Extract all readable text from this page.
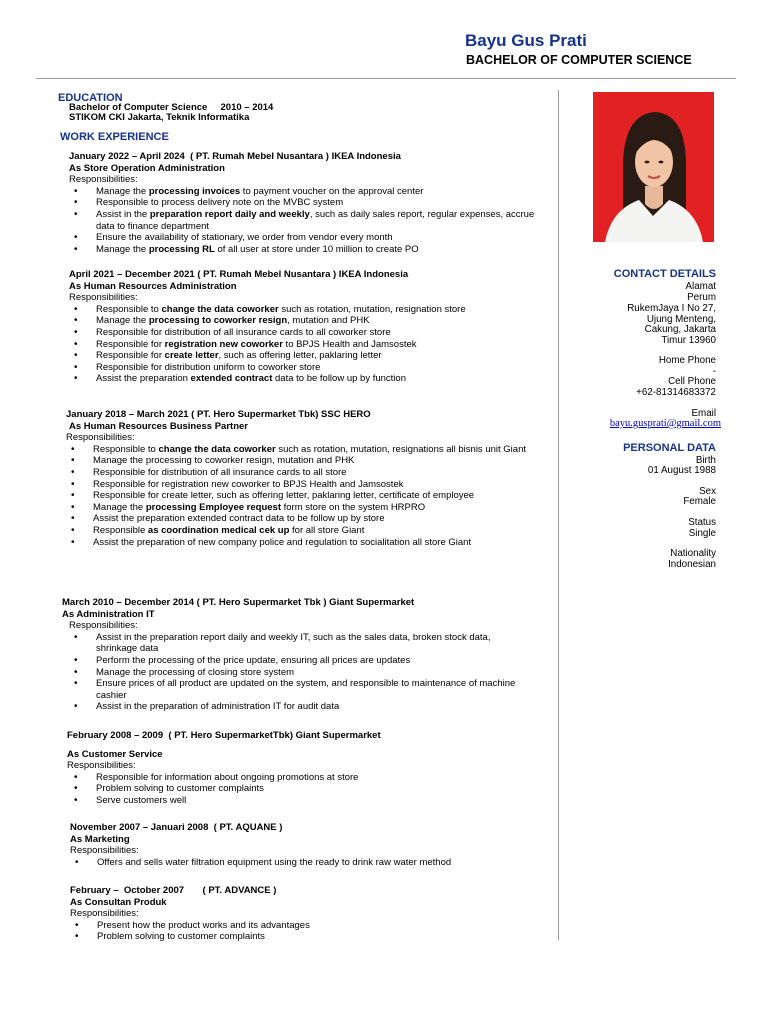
Bayu Gus Prati
BACHELOR OF COMPUTER SCIENCE
EDUCATION
Bachelor of Computer Science     2010 – 2014
STIKOM CKI Jakarta, Teknik Informatika
WORK EXPERIENCE
January 2022 – April 2024  ( PT. Rumah Mebel Nusantara ) IKEA Indonesia
As Store Operation Administration
Responsibilities:
• Manage the processing invoices to payment voucher on the approval center
• Responsible to process delivery note on the MVBC system
• Assist in the preparation report daily and weekly, such as daily sales report, regular expenses, accrue data to finance department
• Ensure the availability of stationary, we order from vendor every month
• Manage the processing RL of all user at store under 10 million to create PO
April 2021 – December 2021 ( PT. Rumah Mebel Nusantara ) IKEA Indonesia
As Human Resources Administration
Responsibilities:
• Responsible to change the data coworker such as rotation, mutation, resignation store
• Manage the processing to coworker resign, mutation and PHK
• Responsible for distribution of all insurance cards to all coworker store
• Responsible for registration new coworker to BPJS Health and Jamsostek
• Responsible for create letter, such as offering letter, paklaring letter
• Responsible for distribution uniform to coworker store
• Assist the preparation extended contract data to be follow up by function
January 2018 – March 2021 ( PT. Hero Supermarket Tbk) SSC HERO
As Human Resources Business Partner
Responsibilities:
• Responsible to change the data coworker such as rotation, mutation, resignations all bisnis unit Giant
• Manage the processing to coworker resign, mutation and PHK
• Responsible for distribution of all insurance cards to all store
• Responsible for registration new coworker to BPJS Health and Jamsostek
• Responsible for create letter, such as offering letter, paklaring letter, certificate of employee
• Manage the processing Employee request form store on the system HRPRO
• Assist the preparation extended contract data to be follow up by store
• Responsible as coordination medical cek up for all store Giant
• Assist the preparation of new company police and regulation to socialitation all store Giant
March 2010 – December 2014 ( PT. Hero Supermarket Tbk ) Giant Supermarket
As Administration IT
Responsibilities:
• Assist in the preparation report daily and weekly IT, such as the sales data, broken stock data, shrinkage data
• Perform the processing of the price update, ensuring all prices are updates
• Manage the processing of closing store system
• Ensure prices of all product are updated on the system, and responsible to maintenance of machine cashier
• Assist in the preparation of administration IT for audit data
February 2008 – 2009  ( PT. Hero SupermarketTbk) Giant Supermarket
As Customer Service
Responsibilities:
• Responsible for information about ongoing promotions at store
• Problem solving to customer complaints
• Serve customers well
November 2007 – Januari 2008  ( PT. AQUANE )
As Marketing
Responsibilities:
• Offers and sells water filtration equipment using the ready to drink raw water method
February –  October 2007       ( PT. ADVANCE )
As Consultan Produk
Responsibilities:
• Present how the product works and its advantages
• Problem solving to customer complaints
CONTACT DETAILS
Alamat
Perum
RukemJaya I No 27,
Ujung Menteng,
Cakung, Jakarta
Timur 13960
Home Phone
-
Cell Phone
+62-81314683372
Email
bayu.gusprati@gmail.com
PERSONAL DATA
Birth
01 August 1988
Sex
Female
Status
Single
Nationality
Indonesian
